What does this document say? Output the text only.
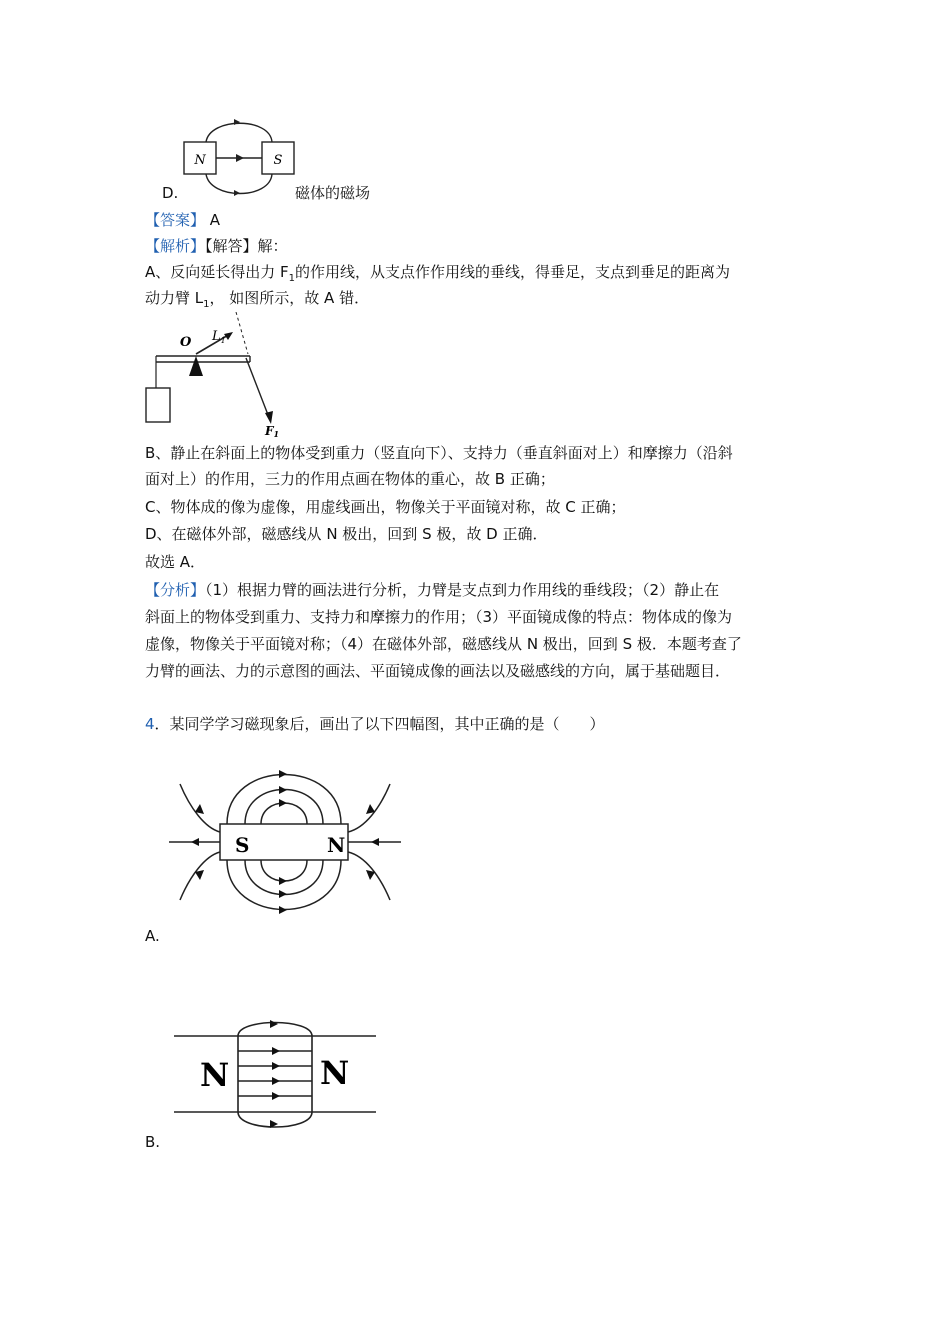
N	S
D.	磁体的磁场
【答案】 A
【解析】【解答】解：
A、反向延长得出力 $F_1$的作用线，从支点作作用线的垂线，得垂足，支点到垂足的距离为
动力臂 $L_1$， 如图所示，故 A 错．
O $L_1$
F1
B、静止在斜面上的物体受到重力（竖直向下）、支持力（垂直斜面对上）和摩擦力（沿斜
面对上）的作用，三力的作用点画在物体的重心，故 B 正确；
C、物体成的像为虚像，用虚线画出，物像关于平面镜对称，故 C 正确；
D、在磁体外部，磁感线从 N 极出，回到 S 极，故 D 正确．
故选 A．
【分析】（1）根据力臂的画法进行分析，力臂是支点到力作用线的垂线段；（2）静止在
斜面上的物体受到重力、支持力和摩擦力的作用；（3）平面镜成像的特点：物体成的像为
虚像，物像关于平面镜对称；（4）在磁体外部，磁感线从 N 极出，回到 S 极．本题考查了
力臂的画法、力的示意图的画法、平面镜成像的画法以及磁感线的方向，属于基础题目．
4．某同学学习磁现象后，画出了以下四幅图，其中正确的是（　　）
S	N
A.
N	N
B.
